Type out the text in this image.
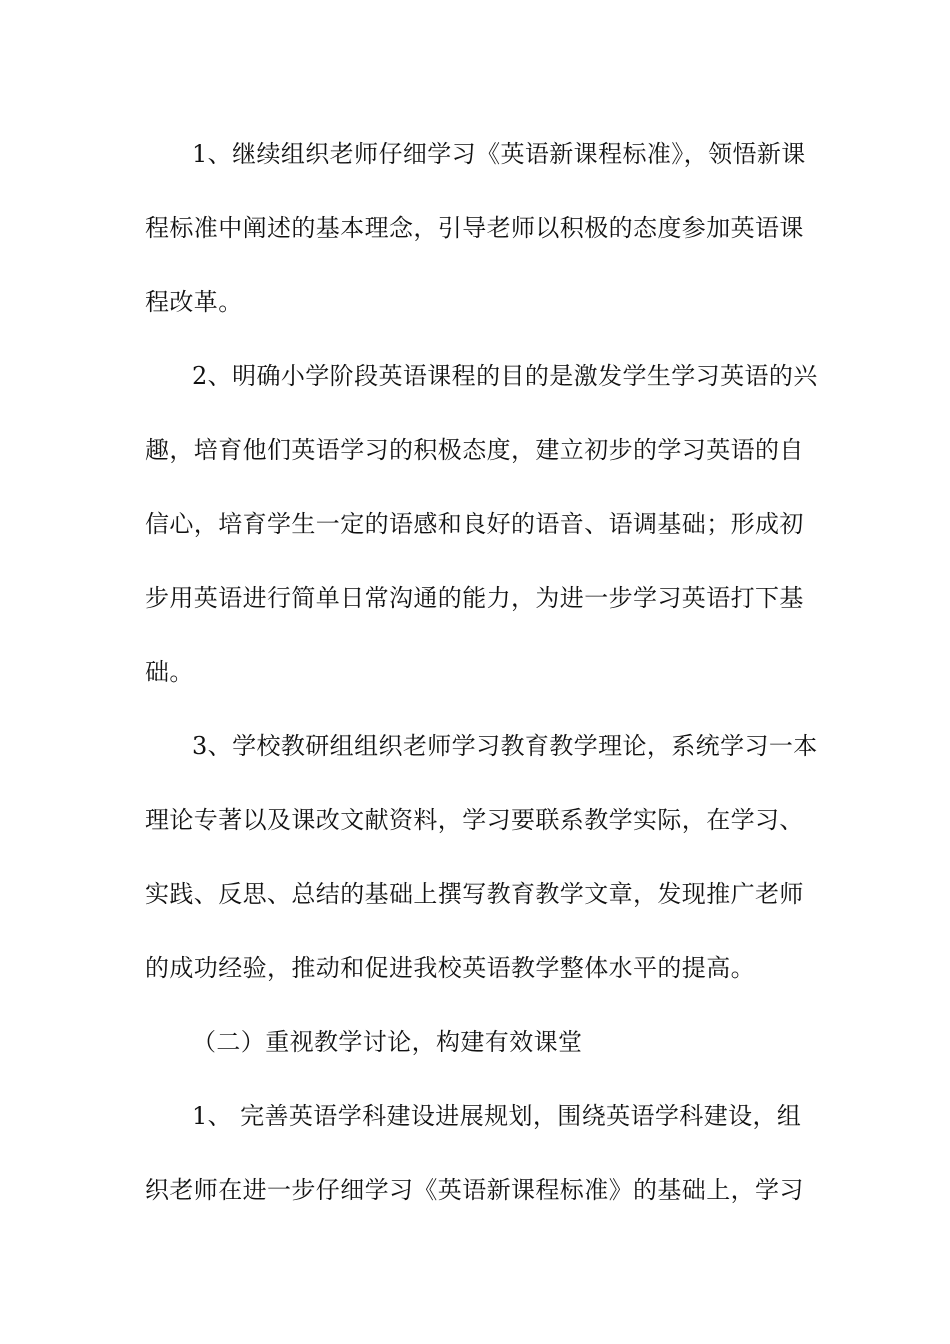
1、继续组织老师仔细学习《英语新课程标准》，领悟新课
程标准中阐述的基本理念，引导老师以积极的态度参加英语课
程改革。
2、明确小学阶段英语课程的目的是激发学生学习英语的兴
趣，培育他们英语学习的积极态度，建立初步的学习英语的自
信心，培育学生一定的语感和良好的语音、语调基础；形成初
步用英语进行简单日常沟通的能力，为进一步学习英语打下基
础。
3、学校教研组组织老师学习教育教学理论，系统学习一本
理论专著以及课改文献资料，学习要联系教学实际，在学习、
实践、反思、总结的基础上撰写教育教学文章，发现推广老师
的成功经验，推动和促进我校英语教学整体水平的提高。
（二）重视教学讨论，构建有效课堂
1、 完善英语学科建设进展规划，围绕英语学科建设，组
织老师在进一步仔细学习《英语新课程标准》的基础上，学习
